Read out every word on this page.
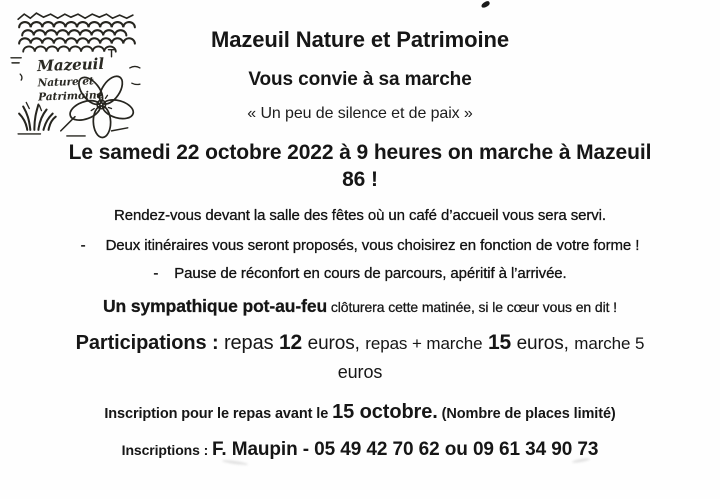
Mazeuil
Nature et
Patrimoine
Mazeuil Nature et Patrimoine
Vous convie à sa marche

« Un peu de silence et de paix »

Le samedi 22 octobre 2022 à 9 heures on marche à Mazeuil
86 !

Rendez-vous devant la salle des fêtes où un café d’accueil vous sera servi.

- Deux itinéraires vous seront proposés, vous choisirez en fonction de votre forme !

- Pause de réconfort en cours de parcours, apéritif à l’arrivée.

Un sympathique pot-au-feu clôturera cette matinée, si le cœur vous en dit !

Participations : repas 12 euros, repas + marche 15 euros, marche 5
euros

Inscription pour le repas avant le 15 octobre. (Nombre de places limité)

Inscriptions : F. Maupin - 05 49 42 70 62 ou 09 61 34 90 73
